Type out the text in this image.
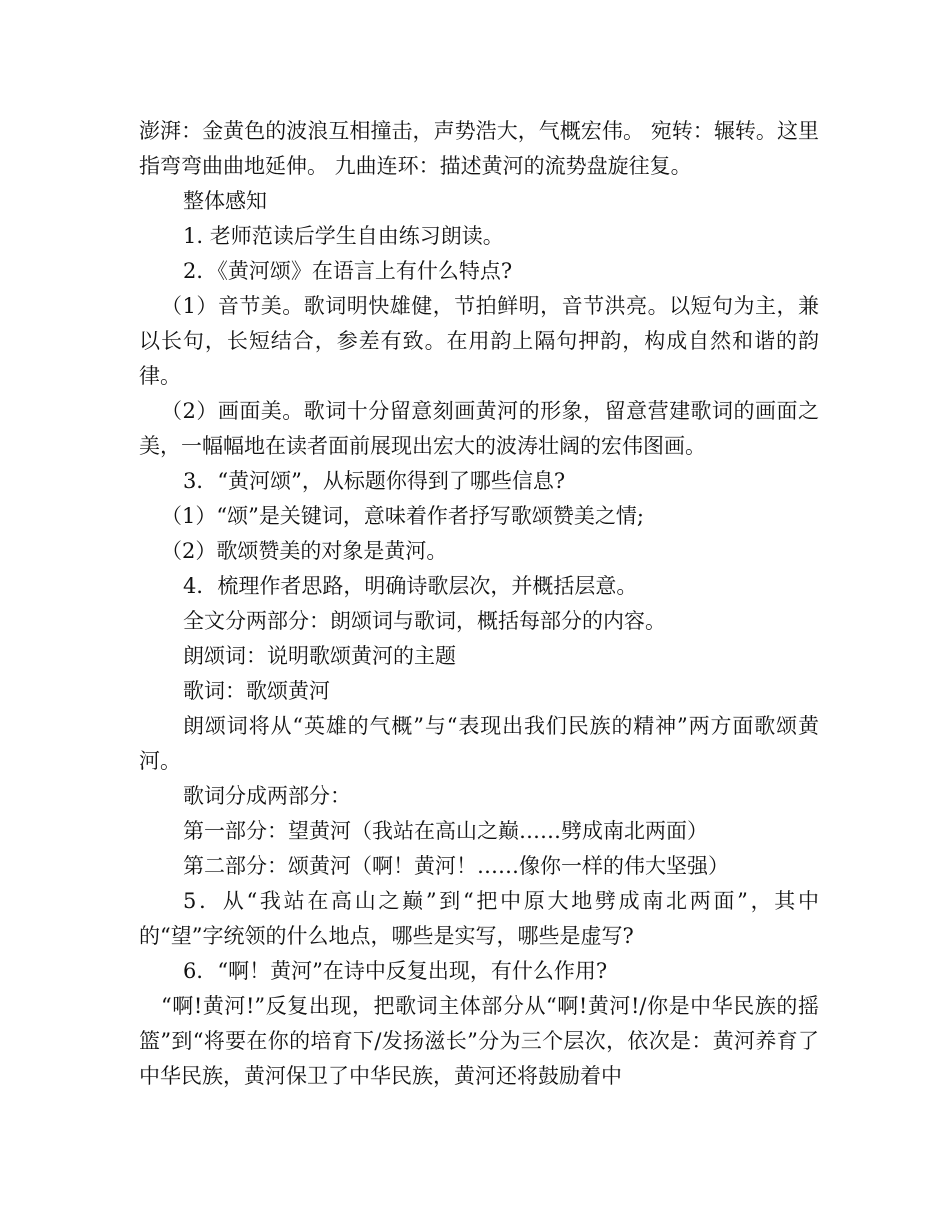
澎湃：金黄色的波浪互相撞击，声势浩大，气概宏伟。 宛转：辗转。这里指弯弯曲曲地延伸。 九曲连环：描述黄河的流势盘旋往复。

整体感知

1. 老师范读后学生自由练习朗读。

2．《黄河颂》在语言上有什么特点?

（1）音节美。歌词明快雄健，节拍鲜明，音节洪亮。以短句为主，兼以长句，长短结合，参差有致。在用韵上隔句押韵，构成自然和谐的韵律。

（2）画面美。歌词十分留意刻画黄河的形象，留意营建歌词的画面之美，一幅幅地在读者面前展现出宏大的波涛壮阔的宏伟图画。

3．“黄河颂”，从标题你得到了哪些信息?

（1）“颂”是关键词，意味着作者抒写歌颂赞美之情;

（2）歌颂赞美的对象是黄河。

4．梳理作者思路，明确诗歌层次，并概括层意。

全文分两部分：朗颂词与歌词，概括每部分的内容。

朗颂词：说明歌颂黄河的主题

歌词：歌颂黄河

朗颂词将从“英雄的气概”与“表现出我们民族的精神”两方面歌颂黄河。

歌词分成两部分：

第一部分：望黄河（我站在高山之巅……劈成南北两面）

第二部分：颂黄河（啊！黄河！……像你一样的伟大坚强）

5．从“我站在高山之巅”到“把中原大地劈成南北两面”，其中的“望”字统领的什么地点，哪些是实写，哪些是虚写?

6．“啊！黄河”在诗中反复出现，有什么作用?

“啊!黄河!”反复出现，把歌词主体部分从“啊!黄河!/你是中华民族的摇篮”到“将要在你的培育下/发扬滋长”分为三个层次，依次是：黄河养育了中华民族，黄河保卫了中华民族，黄河还将鼓励着中
